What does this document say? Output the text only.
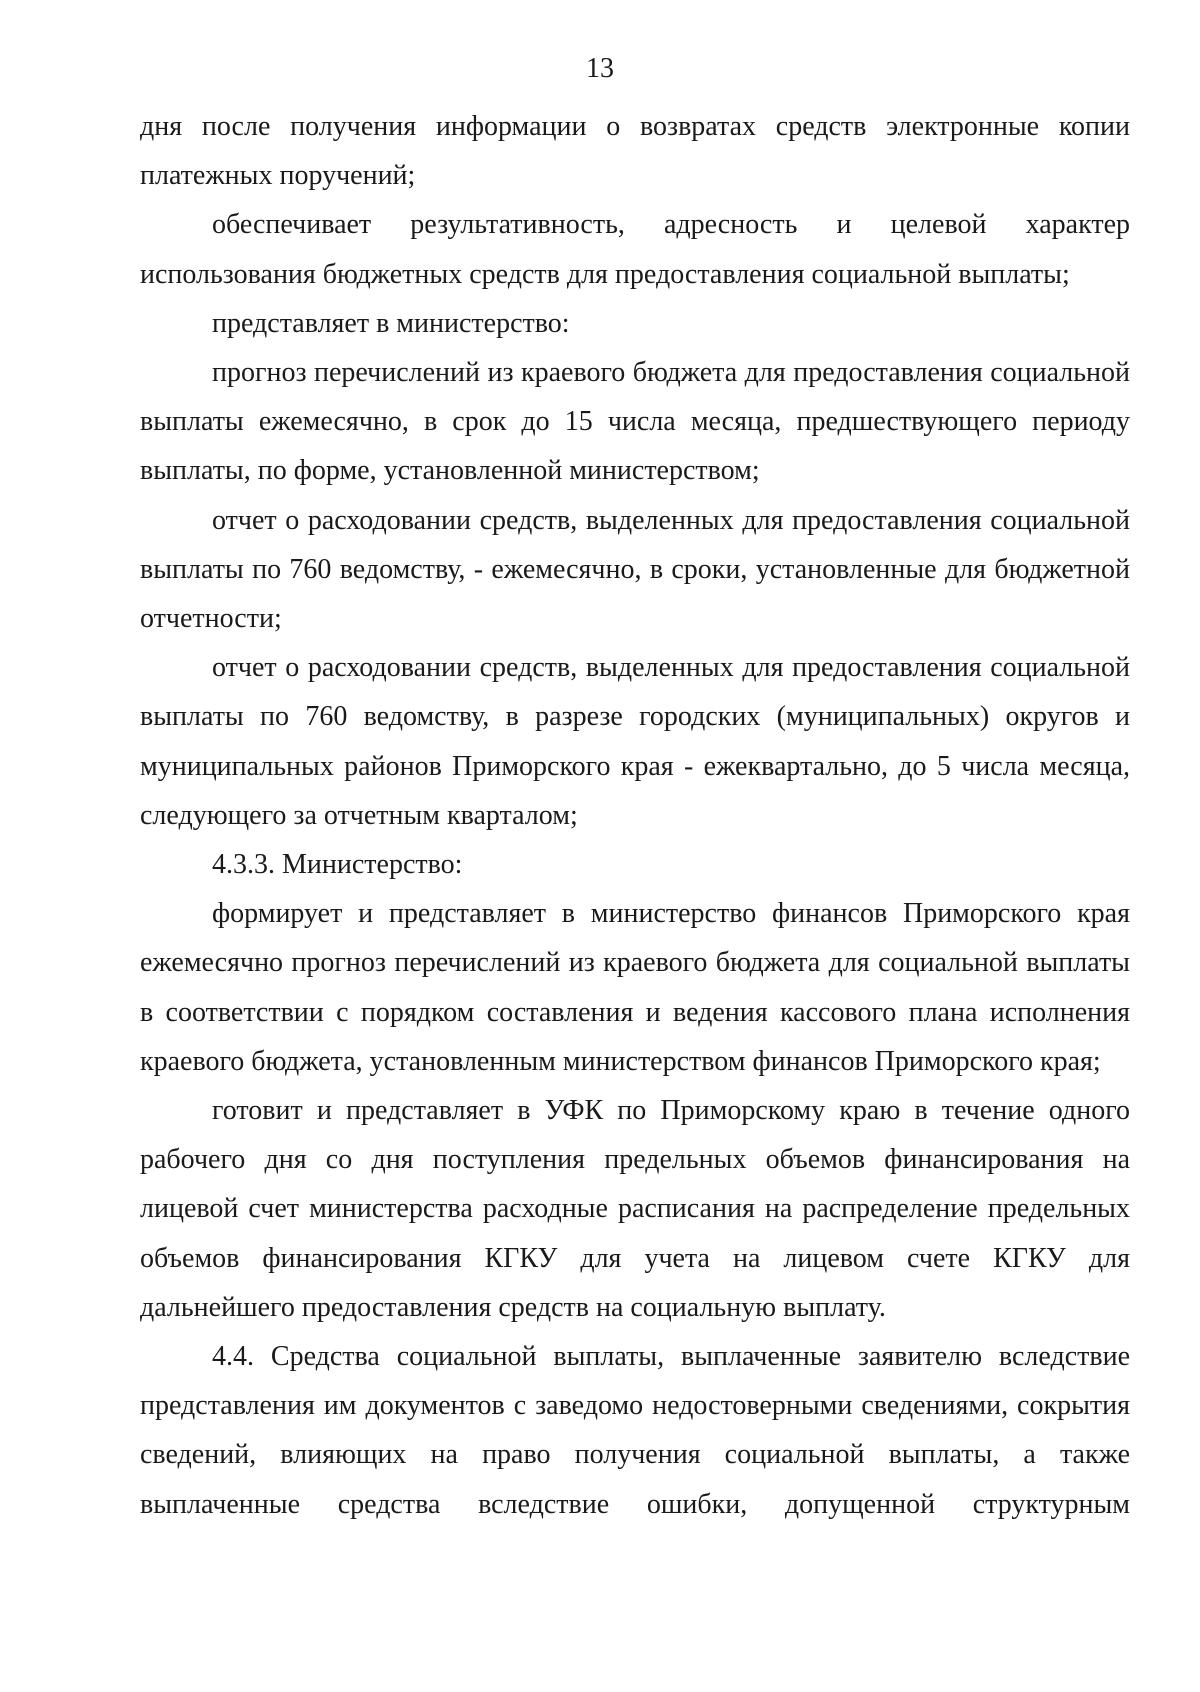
13

дня после получения информации о возвратах средств электронные копии платежных поручений;

обеспечивает результативность, адресность и целевой характер использования бюджетных средств для предоставления социальной выплаты;

представляет в министерство:

прогноз перечислений из краевого бюджета для предоставления социальной выплаты ежемесячно, в срок до 15 числа месяца, предшествующего периоду выплаты, по форме, установленной министерством;

отчет о расходовании средств, выделенных для предоставления социальной выплаты по 760 ведомству, - ежемесячно, в сроки, установленные для бюджетной отчетности;

отчет о расходовании средств, выделенных для предоставления социальной выплаты по 760 ведомству, в разрезе городских (муниципальных) округов и муниципальных районов Приморского края - ежеквартально, до 5 числа месяца, следующего за отчетным кварталом;

4.3.3. Министерство:

формирует и представляет в министерство финансов Приморского края ежемесячно прогноз перечислений из краевого бюджета для социальной выплаты в соответствии с порядком составления и ведения кассового плана исполнения краевого бюджета, установленным министерством финансов Приморского края;

готовит и представляет в УФК по Приморскому краю в течение одного рабочего дня со дня поступления предельных объемов финансирования на лицевой счет министерства расходные расписания на распределение предельных объемов финансирования КГКУ для учета на лицевом счете КГКУ для дальнейшего предоставления средств на социальную выплату.

4.4. Средства социальной выплаты, выплаченные заявителю вследствие представления им документов с заведомо недостоверными сведениями, сокрытия сведений, влияющих на право получения социальной выплаты, а также выплаченные средства вследствие ошибки, допущенной структурным
